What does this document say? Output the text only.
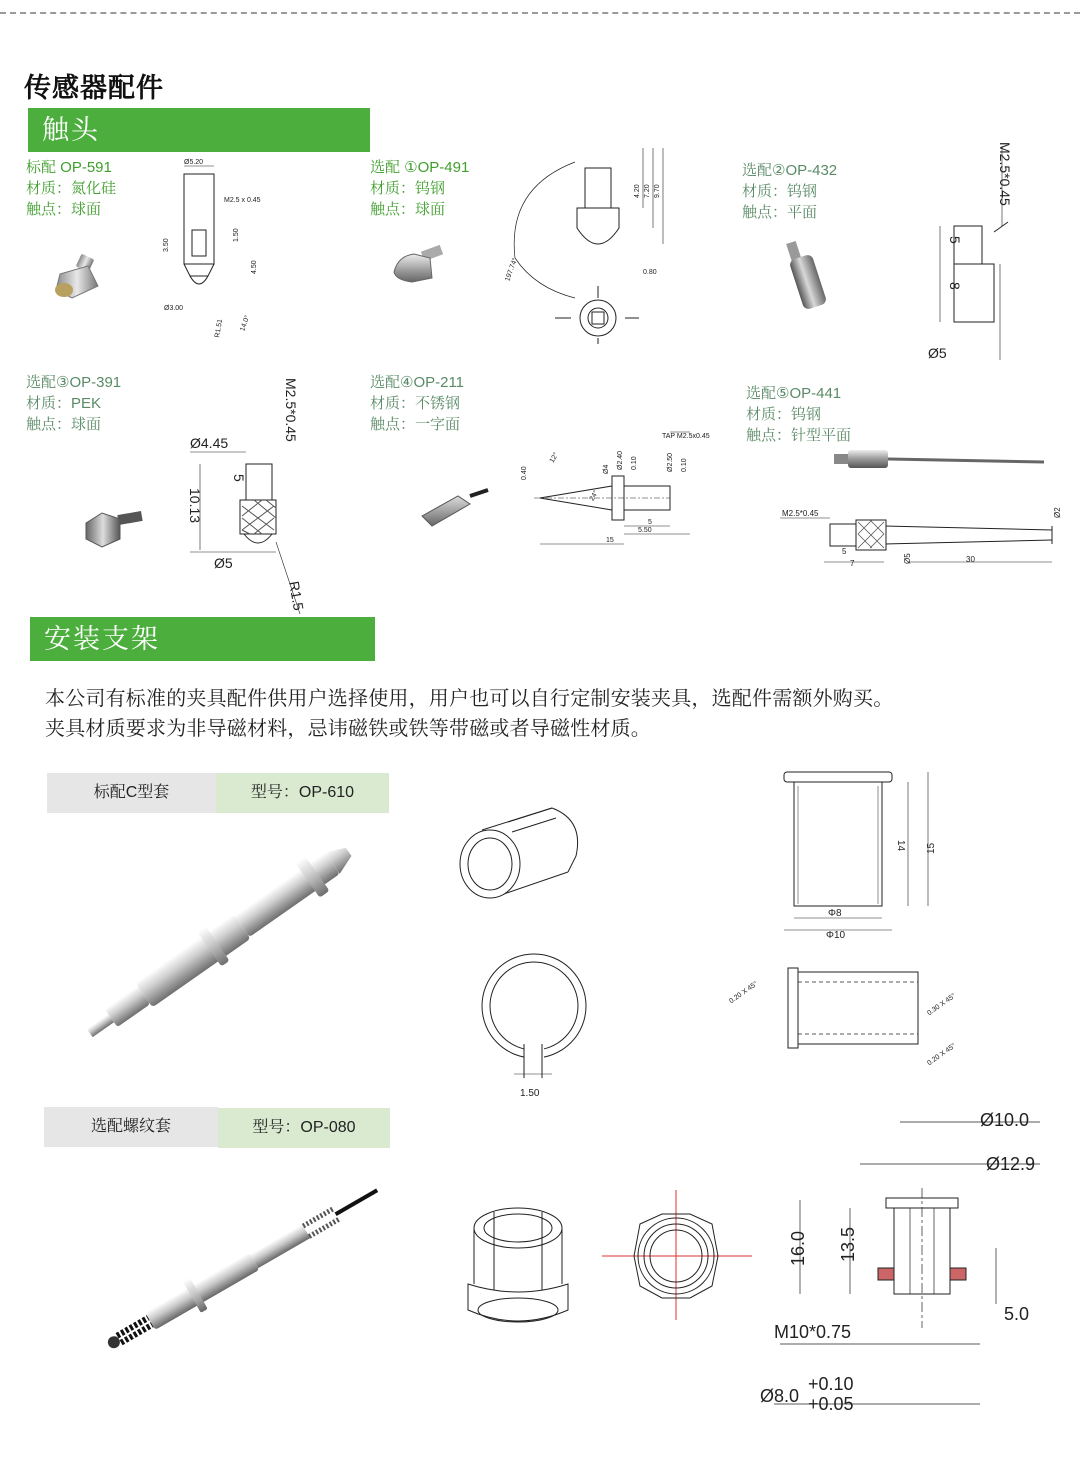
传感器配件
触头
标配 OP-591
材质：氮化硅
触点：球面
选配 ①OP-491
材质：钨钢
触点：球面
选配②OP-432
材质：钨钢
触点：平面
选配③OP-391
材质：PEK
触点：球面
选配④OP-211
材质：不锈钢
触点：一字面
选配⑤OP-441
材质：钨钢
触点：针型平面
Ø5.20
M2.5 x 0.45
3.50
1.50
4.50
Ø3.00
R1.51 14.0°
4.20 7.20 9.70
0.80
197.74°
M2.5*0.45
5
8
Ø5
M2.5*0.45
Ø4.45
5
10.13
Ø5
R1.5
TAP M2.5x0.45
12°
24°
0.40	Ø4 Ø2.40 0.10	Ø2.50 0.10
5
5.50
15
M2.5*0.45	Ø2
5
7	Ø5	30
安装支架
本公司有标准的夹具配件供用户选择使用，用户也可以自行定制安装夹具，选配件需额外购买。
夹具材质要求为非导磁材料，忌讳磁铁或铁等带磁或者导磁性材质。
标配C型套	型号：OP-610
1.50
14 15
Φ8
Φ10
0.20 X 45°	0.30 X 45°
0.20 X 45°
选配螺纹套	型号：OP-080	Ø10.0
Ø12.9
16.0 13.5
5.0
M10*0.75
Ø8.0
+0.10
+0.05
